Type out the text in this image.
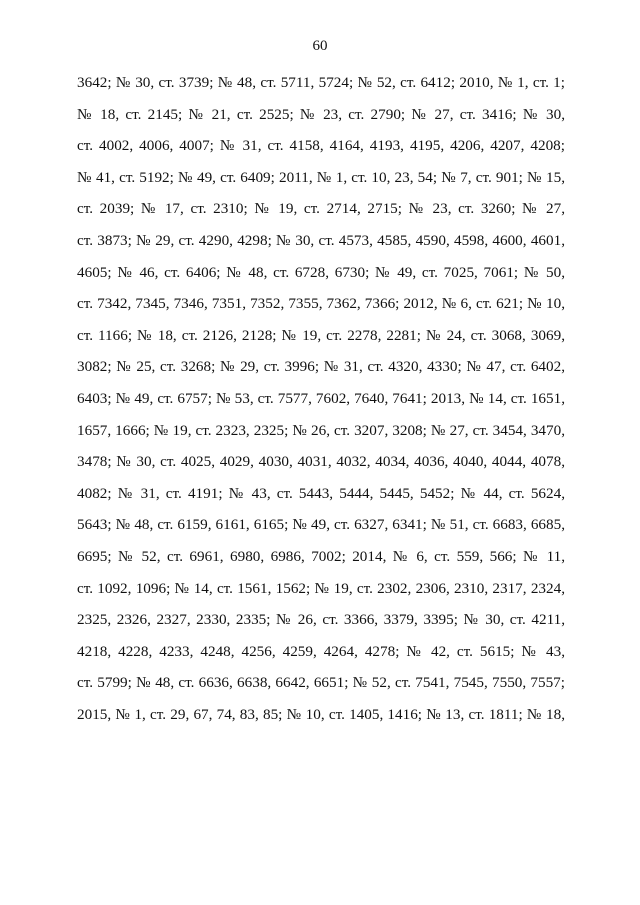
60
3642; № 30, ст. 3739; № 48, ст. 5711, 5724; № 52, ст. 6412; 2010, № 1, ст. 1;
№ 18, ст. 2145; № 21, ст. 2525; № 23, ст. 2790; № 27, ст. 3416; № 30,
ст. 4002, 4006, 4007; № 31, ст. 4158, 4164, 4193, 4195, 4206, 4207, 4208;
№ 41, ст. 5192; № 49, ст. 6409; 2011, № 1, ст. 10, 23, 54; № 7, ст. 901; № 15,
ст. 2039; № 17, ст. 2310; № 19, ст. 2714, 2715; № 23, ст. 3260; № 27,
ст. 3873; № 29, ст. 4290, 4298; № 30, ст. 4573, 4585, 4590, 4598, 4600, 4601,
4605; № 46, ст. 6406; № 48, ст. 6728, 6730; № 49, ст. 7025, 7061; № 50,
ст. 7342, 7345, 7346, 7351, 7352, 7355, 7362, 7366; 2012, № 6, ст. 621; № 10,
ст. 1166; № 18, ст. 2126, 2128; № 19, ст. 2278, 2281; № 24, ст. 3068, 3069,
3082; № 25, ст. 3268; № 29, ст. 3996; № 31, ст. 4320, 4330; № 47, ст. 6402,
6403; № 49, ст. 6757; № 53, ст. 7577, 7602, 7640, 7641; 2013, № 14, ст. 1651,
1657, 1666; № 19, ст. 2323, 2325; № 26, ст. 3207, 3208; № 27, ст. 3454, 3470,
3478; № 30, ст. 4025, 4029, 4030, 4031, 4032, 4034, 4036, 4040, 4044, 4078,
4082; № 31, ст. 4191; № 43, ст. 5443, 5444, 5445, 5452; № 44, ст. 5624,
5643; № 48, ст. 6159, 6161, 6165; № 49, ст. 6327, 6341; № 51, ст. 6683, 6685,
6695; № 52, ст. 6961, 6980, 6986, 7002; 2014, № 6, ст. 559, 566; № 11,
ст. 1092, 1096; № 14, ст. 1561, 1562; № 19, ст. 2302, 2306, 2310, 2317, 2324,
2325, 2326, 2327, 2330, 2335; № 26, ст. 3366, 3379, 3395; № 30, ст. 4211,
4218, 4228, 4233, 4248, 4256, 4259, 4264, 4278; № 42, ст. 5615; № 43,
ст. 5799; № 48, ст. 6636, 6638, 6642, 6651; № 52, ст. 7541, 7545, 7550, 7557;
2015, № 1, ст. 29, 67, 74, 83, 85; № 10, ст. 1405, 1416; № 13, ст. 1811; № 18,
